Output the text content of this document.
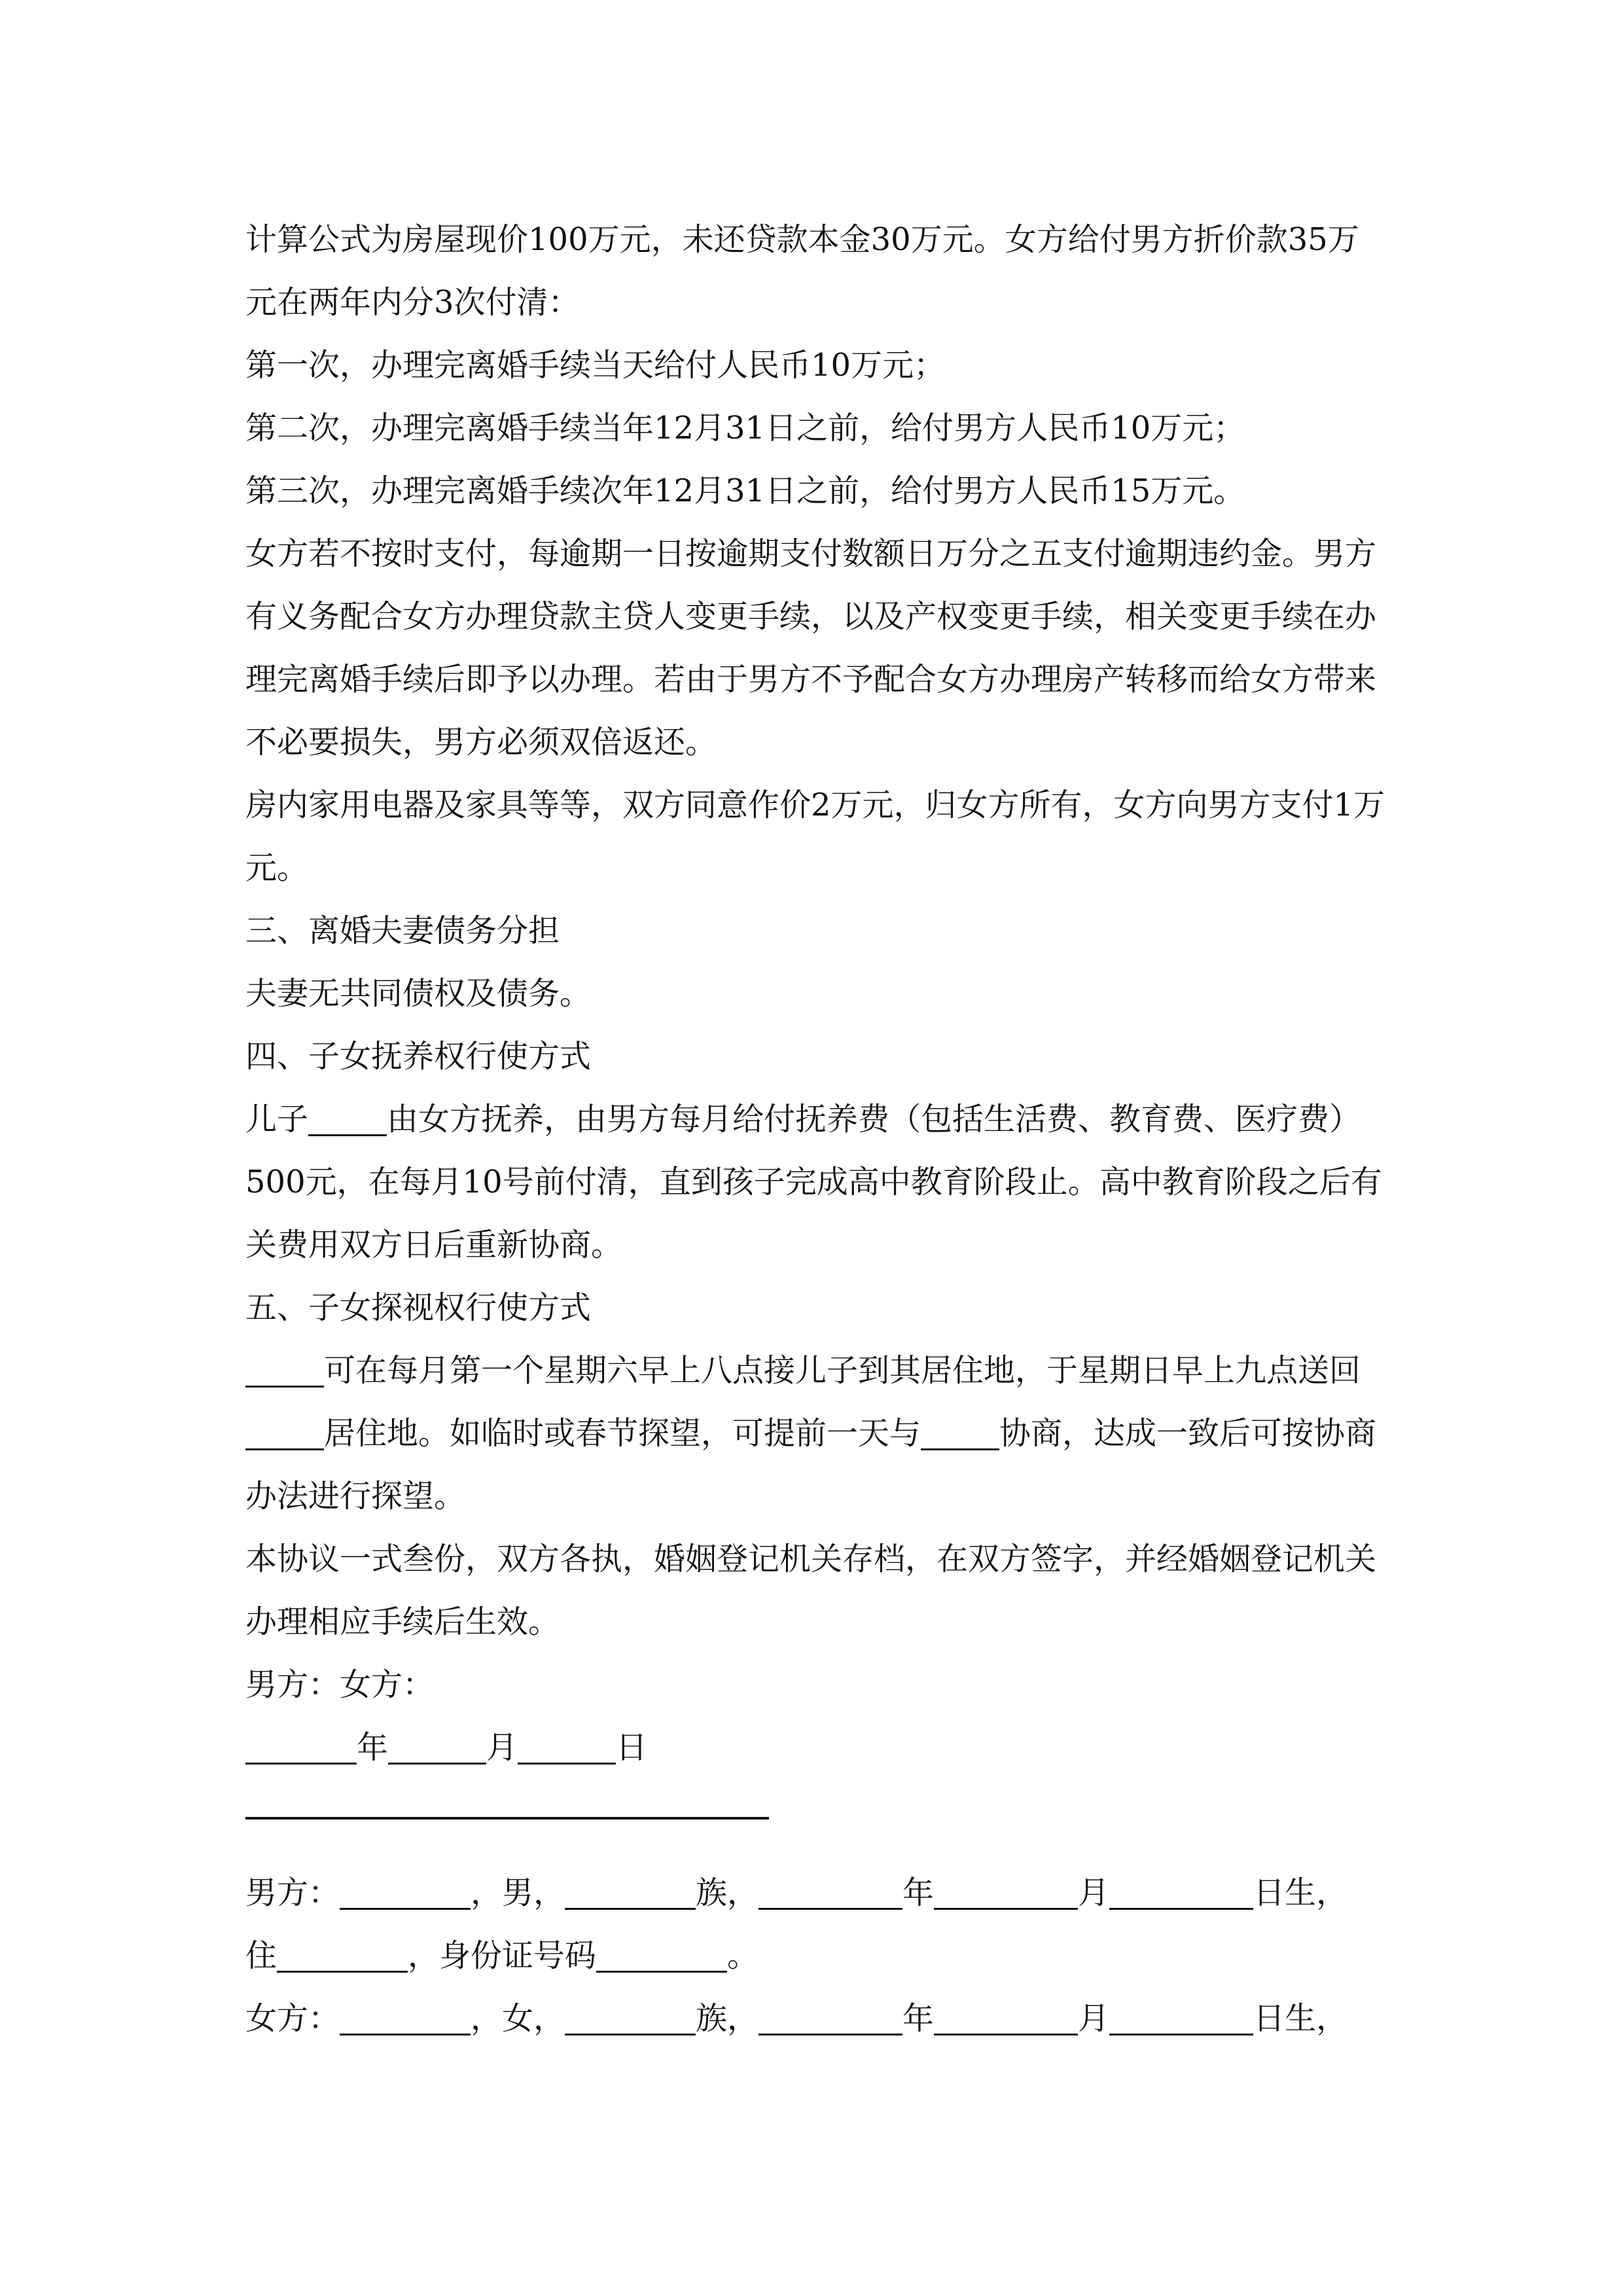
计算公式为房屋现价100万元，未还贷款本金30万元。女方给付男方折价款35万元在两年内分3次付清：
第一次，办理完离婚手续当天给付人民币10万元；
第二次，办理完离婚手续当年12月31日之前，给付男方人民币10万元；
第三次，办理完离婚手续次年12月31日之前，给付男方人民币15万元。
女方若不按时支付，每逾期一日按逾期支付数额日万分之五支付逾期违约金。男方有义务配合女方办理贷款主贷人变更手续，以及产权变更手续，相关变更手续在办理完离婚手续后即予以办理。若由于男方不予配合女方办理房产转移而给女方带来不必要损失，男方必须双倍返还。
房内家用电器及家具等等，双方同意作价2万元，归女方所有，女方向男方支付1万元。
三、离婚夫妻债务分担
夫妻无共同债权及债务。
四、子女抚养权行使方式
儿子	由女方抚养，由男方每月给付抚养费（包括生活费、教育费、医疗费）500元，在每月10号前付清，直到孩子完成高中教育阶段止。高中教育阶段之后有关费用双方日后重新协商。
五、子女探视权行使方式
可在每月第一个星期六早上八点接儿子到其居住地，于星期日早上九点送回居住地。如临时或春节探望，可提前一天与	协商，达成一致后可按协商办法进行探望。
本协议一式叁份，双方各执，婚姻登记机关存档，在双方签字，并经婚姻登记机关办理相应手续后生效。
男方：女方：
年	月	日
男方：	，男，	族，	年	月	日生，
住	，身份证号码	。
女方：	，女，	族，	年	月	日生，
